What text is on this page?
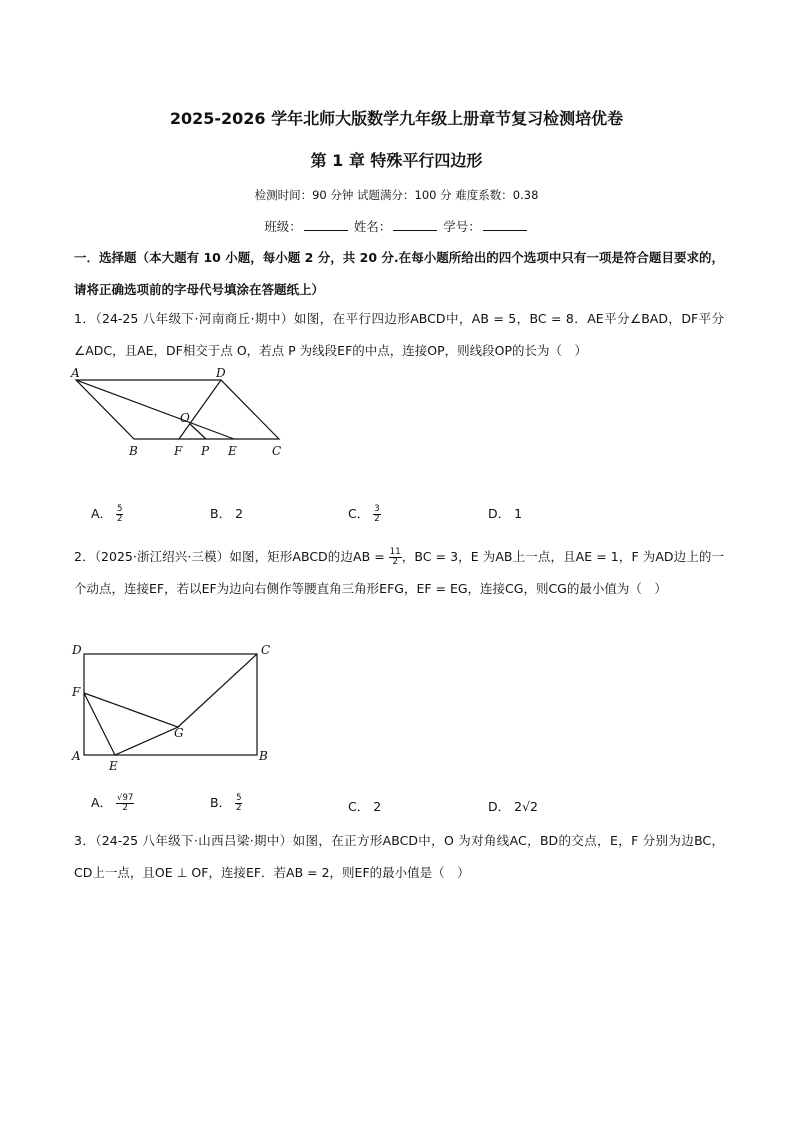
2025-2026 学年北师大版数学九年级上册章节复习检测培优卷
第 1 章 特殊平行四边形
检测时间：90 分钟 试题满分：100 分 难度系数：0.38
班级：	姓名：	学号：
一．选择题（本大题有 10 小题，每小题 2 分，共 20 分.在每小题所给出的四个选项中只有一项是符合题目要求的，请将正确选项前的字母代号填涂在答题纸上）
1．（24-25 八年级下·河南商丘·期中）如图，在平行四边形ABCD中，AB = 5，BC = 8．AE平分∠BAD，DF平分∠ADC，且AE，DF相交于点 O，若点 P 为线段EF的中点，连接OP，则线段OP的长为（　）
A	D
O
B	F P E	C
A． $\frac{5}{2}$	B． 2	C． $\frac{3}{2}$	D． 1
2．（2025·浙江绍兴·三模）如图，矩形ABCD的边AB = $\frac{11}{2}$ ，BC = 3，E 为AB上一点，且AE = 1，F 为AD边上的一个动点，连接EF，若以EF为边向右侧作等腰直角三角形EFG，EF = EG，连接CG，则CG的最小值为（　）
D	C
F
G
A
E
B
A． $\frac{√97}{2}$	B． $\frac{5}{2}$	C． 2	D． 2√2
3．（24-25 八年级下·山西吕梁·期中）如图，在正方形ABCD中，O 为对角线AC，BD的交点，E，F 分别为边BC，CD上一点，且OE ⊥ OF，连接EF．若AB = 2，则EF的最小值是（　）
